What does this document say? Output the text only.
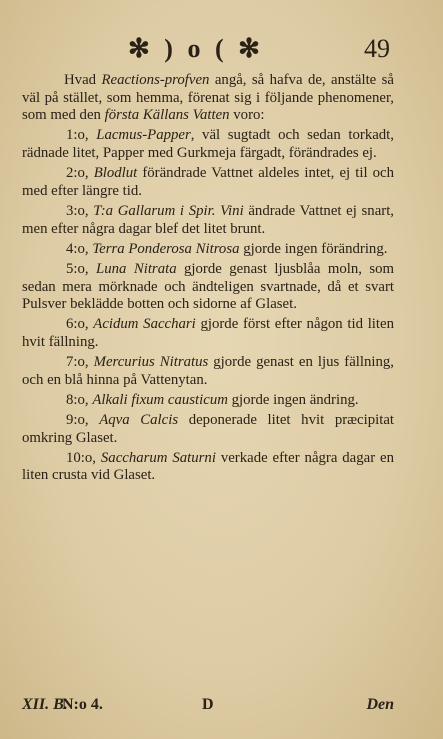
✻ ) o ( ✻	49

Hvad Reactions-profven angå, så hafva de, anstälte så väl på stället, som hemma, förenat sig i följande phenomener, som med den första Källans Vatten voro:

1:o, Lacmus-Papper, väl sugtadt och sedan torkadt, rädnade litet, Papper med Gurkmeja färgadt, förändrades ej.

2:o, Blodlut förändrade Vattnet aldeles intet, ej til och med efter längre tid.

3:o, T:a Gallarum i Spir. Vini ändrade Vattnet ej snart, men efter några dagar blef det litet brunt.

4:o, Terra Ponderosa Nitrosa gjorde ingen förändring.

5:o, Luna Nitrata gjorde genast ljusblåa moln, som sedan mera mörknade och ändteligen svartnade, då et svart Pulsver beklädde botten och sidorne af Glaset.

6:o, Acidum Sacchari gjorde först efter någon tid liten hvit fällning.

7:o, Mercurius Nitratus gjorde genast en ljus fällning, och en blå hinna på Vattenytan.

8:o, Alkali fixum causticum gjorde ingen ändring.

9:o, Aqva Calcis deponerade litet hvit præcipitat omkring Glaset.

10:o, Saccharum Saturni verkade efter några dagar en liten crusta vid Glaset.

XII. B.
N:o 4.	D	Den
